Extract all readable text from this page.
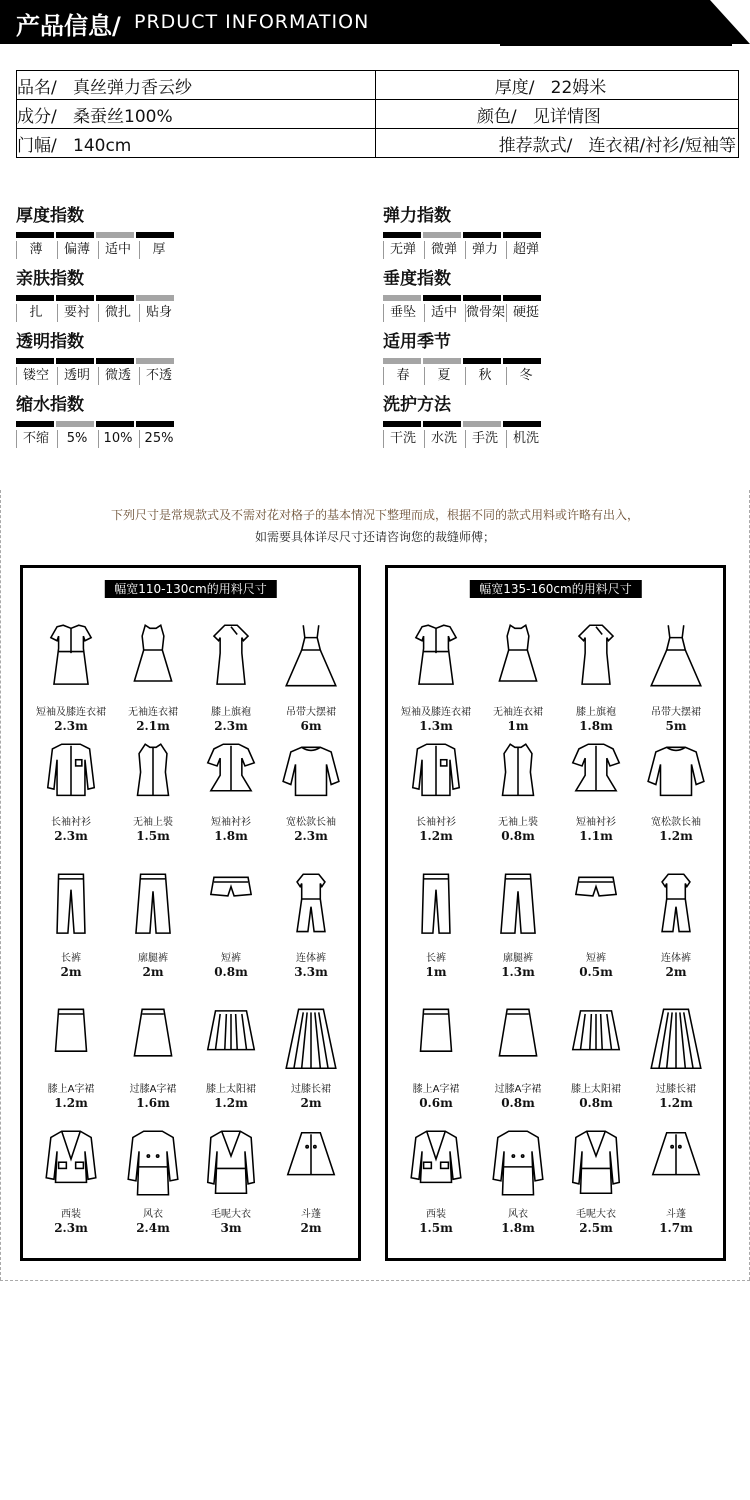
产品信息/ PRDUCT INFORMATION
品名/ 真丝弹力香云纱	厚度/ 22姆米
成分/ 桑蚕丝100%	颜色/ 见详情图
门幅/ 140cm	推荐款式/ 连衣裙/衬衫/短袖等
厚度指数
薄	偏薄	适中	厚
弹力指数
无弹	微弹	弹力	超弹
亲肤指数
扎	要衬	微扎	贴身
垂度指数
垂坠	适中 微骨架 硬挺
透明指数
镂空	透明	微透	不透
适用季节
春	夏	秋	冬
缩水指数
不缩	5%	10% 25%
洗护方法
干洗	水洗	手洗	机洗
下列尺寸是常规款式及不需对花对格子的基本情况下整理而成，根据不同的款式用料或许略有出入，
如需要具体详尽尺寸还请咨询您的裁缝师傅；
幅宽110-130cm的用料尺寸
短袖及膝连衣裙
2.3m
无袖连衣裙
2.1m
膝上旗袍
2.3m
吊带大摆裙
6m
长袖衬衫
2.3m
无袖上裝
1.5m
短袖衬衫
1.8m
宽松款长袖
2.3m
长裤
2m
廓腿裤
2m
短裤
0.8m
连体裤
3.3m
膝上A字裙
1.2m
过膝A字裙
1.6m
膝上太阳裙
1.2m
过膝长裙
2m
西装
2.3m
风衣
2.4m
毛呢大衣
3m
斗蓬
2m
幅宽135-160cm的用料尺寸
短袖及膝连衣裙
1.3m
无袖连衣裙
1m
膝上旗袍
1.8m
吊带大摆裙
5m
长袖衬衫
1.2m
无袖上裝
0.8m
短袖衬衫
1.1m
宽松款长袖
1.2m
长裤
1m
廓腿裤
1.3m
短裤
0.5m
连体裤
2m
膝上A字裙
0.6m
过膝A字裙
0.8m
膝上太阳裙
0.8m
过膝长裙
1.2m
西装
1.5m
风衣
1.8m
毛呢大衣
2.5m
斗蓬
1.7m
